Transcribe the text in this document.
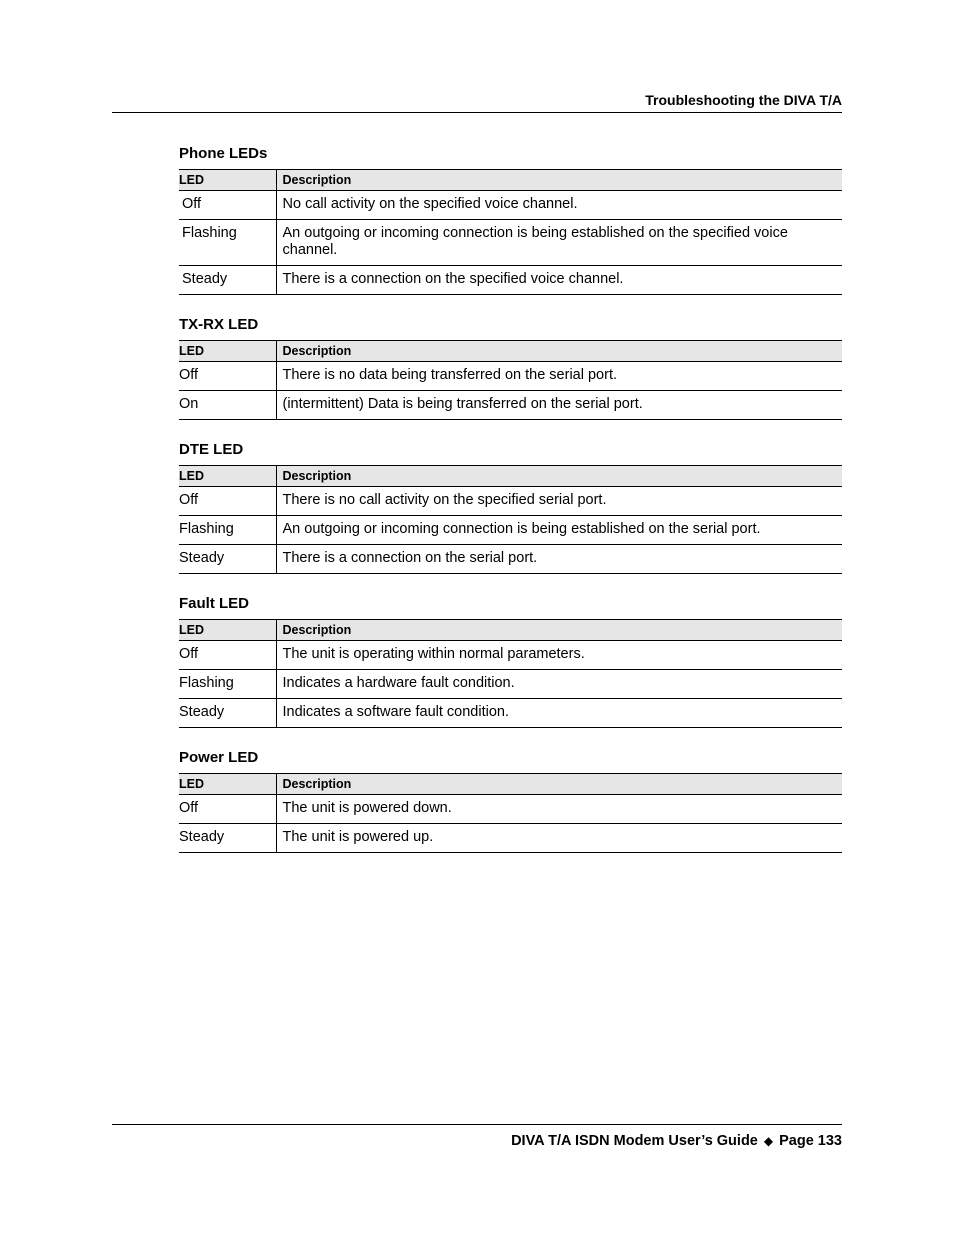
Troubleshooting the DIVA T/A
Phone LEDs
LED	Description
Off	No call activity on the specified voice channel.
Flashing	An outgoing or incoming connection is being established on the specified voice channel.
Steady	There is a connection on the specified voice channel.
TX-RX LED
LED	Description
Off	There is no data being transferred on the serial port.
On	(intermittent) Data is being transferred on the serial port.
DTE LED
LED	Description
Off	There is no call activity on the specified serial port.
Flashing	An outgoing or incoming connection is being established on the serial port.
Steady	There is a connection on the serial port.
Fault LED
LED	Description
Off	The unit is operating within normal parameters.
Flashing	Indicates a hardware fault condition.
Steady	Indicates a software fault condition.
Power LED
LED	Description
Off	The unit is powered down.
Steady	The unit is powered up.
DIVA T/A ISDN Modem User’s Guide ◆ Page 133
